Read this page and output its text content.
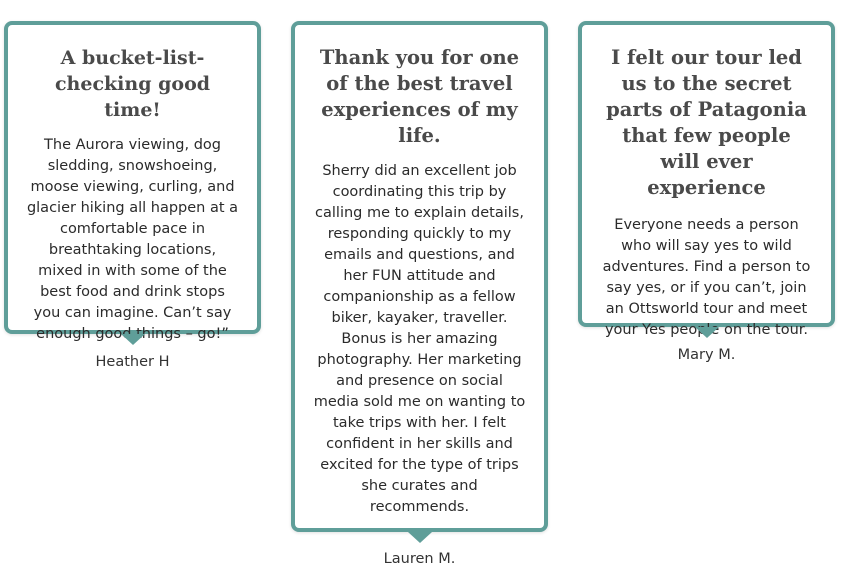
A bucket-list-checking good time!

The Aurora viewing, dog sledding, snowshoeing, moose viewing, curling, and glacier hiking all happen at a comfortable pace in breathtaking locations, mixed in with some of the best food and drink stops you can imagine. Can’t say enough good things – go!”

Heather H
Thank you for one of the best travel experiences of my life.

Sherry did an excellent job coordinating this trip by calling me to explain details, responding quickly to my emails and questions, and her FUN attitude and companionship as a fellow biker, kayaker, traveller. Bonus is her amazing photography. Her marketing and presence on social media sold me on wanting to take trips with her. I felt confident in her skills and excited for the type of trips she curates and recommends.

Lauren M.
I felt our tour led us to the secret parts of Patagonia that few people will ever experience

Everyone needs a person who will say yes to wild adventures. Find a person to say yes, or if you can’t, join an Ottsworld tour and meet your Yes people on the tour.

Mary M.
